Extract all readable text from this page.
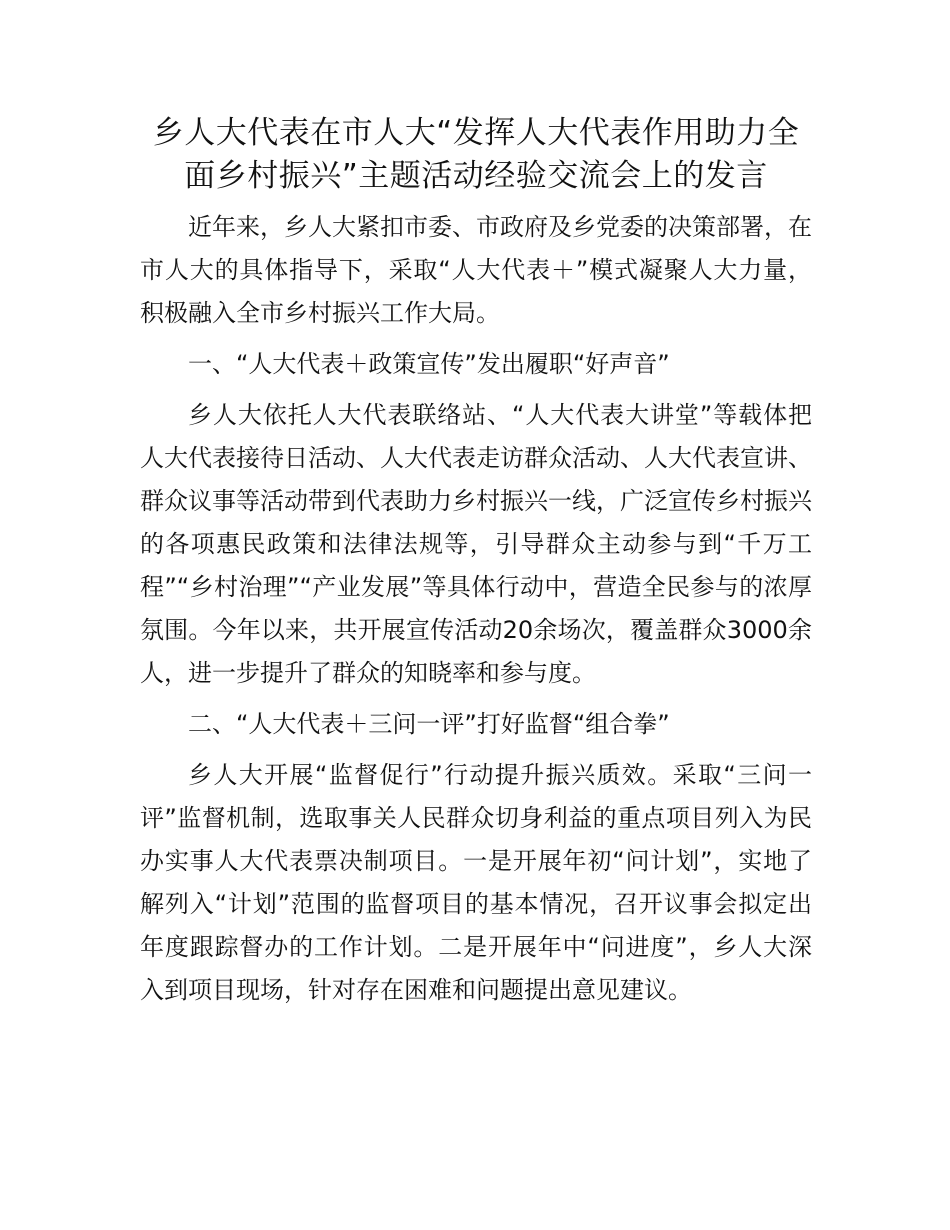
乡人大代表在市人大“发挥人大代表作用助力全面乡村振兴”主题活动经验交流会上的发言

近年来，乡人大紧扣市委、市政府及乡党委的决策部署，在市人大的具体指导下，采取“人大代表＋”模式凝聚人大力量，积极融入全市乡村振兴工作大局。

一、“人大代表＋政策宣传”发出履职“好声音”

乡人大依托人大代表联络站、“人大代表大讲堂”等载体把人大代表接待日活动、人大代表走访群众活动、人大代表宣讲、群众议事等活动带到代表助力乡村振兴一线，广泛宣传乡村振兴的各项惠民政策和法律法规等，引导群众主动参与到“千万工程”“乡村治理”“产业发展”等具体行动中，营造全民参与的浓厚氛围。今年以来，共开展宣传活动20余场次，覆盖群众3000余人，进一步提升了群众的知晓率和参与度。

二、“人大代表＋三问一评”打好监督“组合拳”

乡人大开展“监督促行”行动提升振兴质效。采取“三问一评”监督机制，选取事关人民群众切身利益的重点项目列入为民办实事人大代表票决制项目。一是开展年初“问计划”，实地了解列入“计划”范围的监督项目的基本情况，召开议事会拟定出年度跟踪督办的工作计划。二是开展年中“问进度”，乡人大深入到项目现场，针对存在困难和问题提出意见建议。
